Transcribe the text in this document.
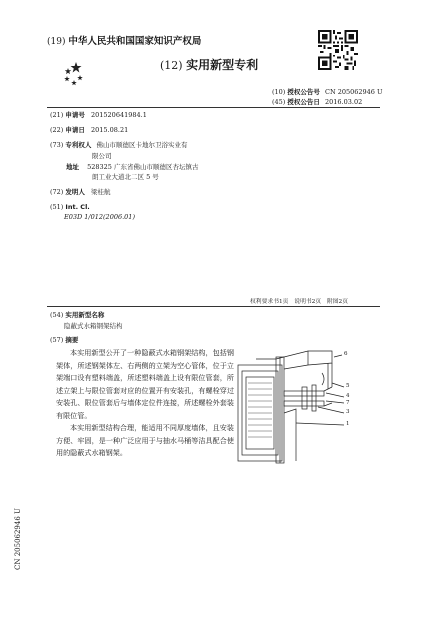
(19) 中华人民共和国国家知识产权局
(12) 实用新型专利
(10) 授权公告号 CN 205062946 U
(45) 授权公告日 2016.03.02
(21) 申请号 201520641984.1
(22) 申请日 2015.08.21
(73) 专利权人 佛山市顺德区卡地尔卫浴实业有
限公司
地址 528325 广东省佛山市顺德区杏坛镇古
朗工业大道北二区 5 号
(72) 发明人 梁桂航
(51) Int. Cl.
E03D 1/012(2006.01)
权利要求书1页　说明书2页　附图2页
(54) 实用新型名称
隐蔽式水箱钢架结构
(57) 摘要
本实用新型公开了一种隐蔽式水箱钢架结构，包括钢架体，所述钢架体左、右两侧的立架为空心管体，位于立架端口设有塑料端盖，所述塑料端盖上设有限位管套，所述立架上与限位管套对应的位置开有安装孔，有螺栓穿过安装孔、限位管套后与墙体定位件连接，所述螺栓外套装有限位管。
本实用新型结构合理，能适用不同厚度墙体，且安装方便、牢固，是一种广泛应用于与抽水马桶等洁具配合使用的隐蔽式水箱钢架。
6
5
4
7
3
1
CN 205062946 U
